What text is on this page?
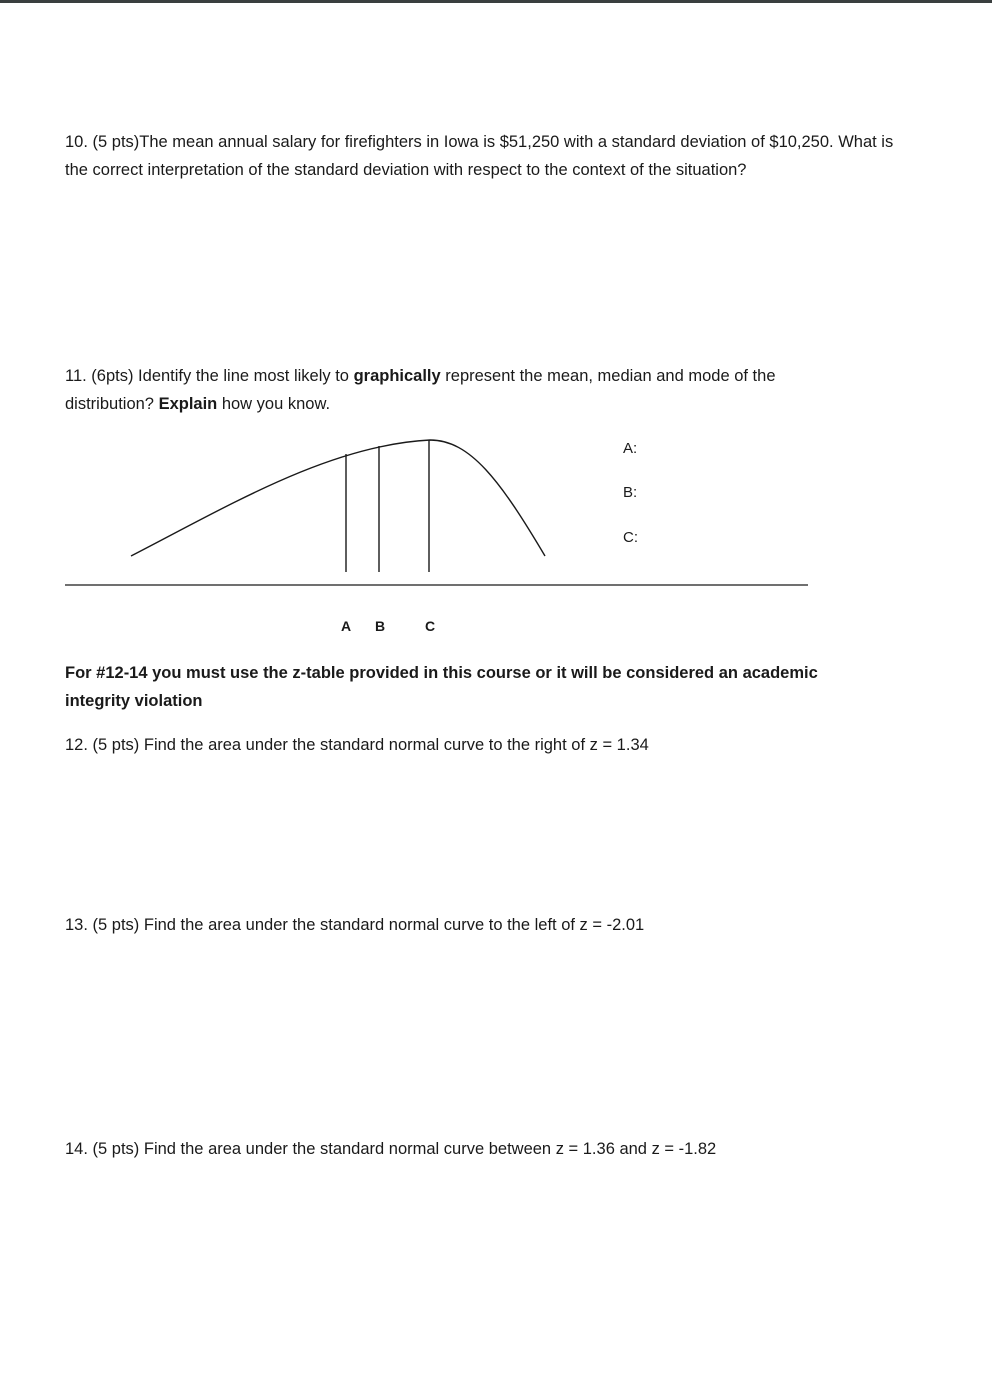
10. (5 pts)The mean annual salary for firefighters in Iowa is $51,250 with a standard deviation of $10,250. What is the correct interpretation of the standard deviation with respect to the context of the situation?

11. (6pts) Identify the line most likely to graphically represent the mean, median and mode of the distribution? Explain how you know.

A:
B:
C:
A B	C

For #12-14 you must use the z-table provided in this course or it will be considered an academic integrity violation

12. (5 pts) Find the area under the standard normal curve to the right of z = 1.34

13. (5 pts) Find the area under the standard normal curve to the left of z = -2.01

14. (5 pts) Find the area under the standard normal curve between z = 1.36 and z = -1.82
